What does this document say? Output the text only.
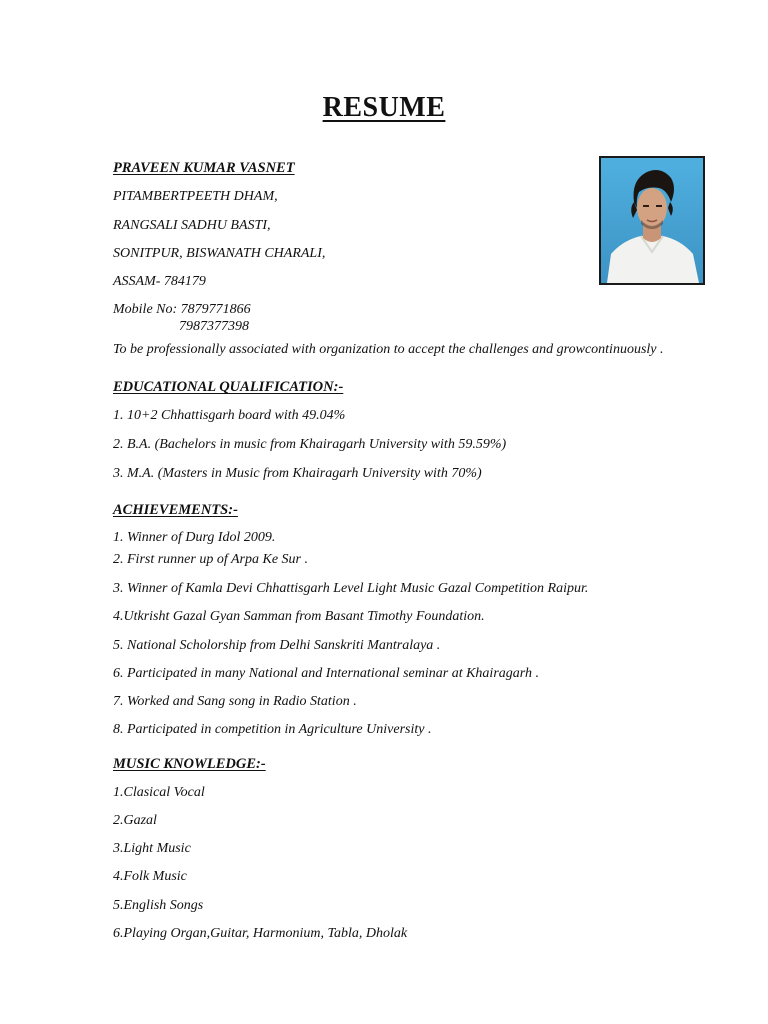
RESUME
PRAVEEN KUMAR VASNET
PITAMBERTPEETH DHAM,
RANGSALI SADHU BASTI,
SONITPUR, BISWANATH CHARALI,
ASSAM- 784179
Mobile No: 7879771866
7987377398
To be professionally associated with organization to accept the challenges and growcontinuously .
EDUCATIONAL QUALIFICATION:-
1. 10+2 Chhattisgarh board with 49.04%
2. B.A. (Bachelors in music from Khairagarh University with 59.59%)
3. M.A. (Masters in Music from Khairagarh University with 70%)
ACHIEVEMENTS:-
1. Winner of Durg Idol 2009.
2. First runner up of Arpa Ke Sur .
3. Winner of Kamla Devi Chhattisgarh Level Light Music Gazal Competition Raipur.
4.Utkrisht Gazal Gyan Samman from Basant Timothy Foundation.
5. National Scholorship from Delhi Sanskriti Mantralaya .
6. Participated in many National and International seminar at Khairagarh .
7. Worked and Sang song in Radio Station .
8. Participated in competition in Agriculture University .
MUSIC KNOWLEDGE:-
1.Clasical Vocal
2.Gazal
3.Light Music
4.Folk Music
5.English Songs
6.Playing Organ,Guitar, Harmonium, Tabla, Dholak
